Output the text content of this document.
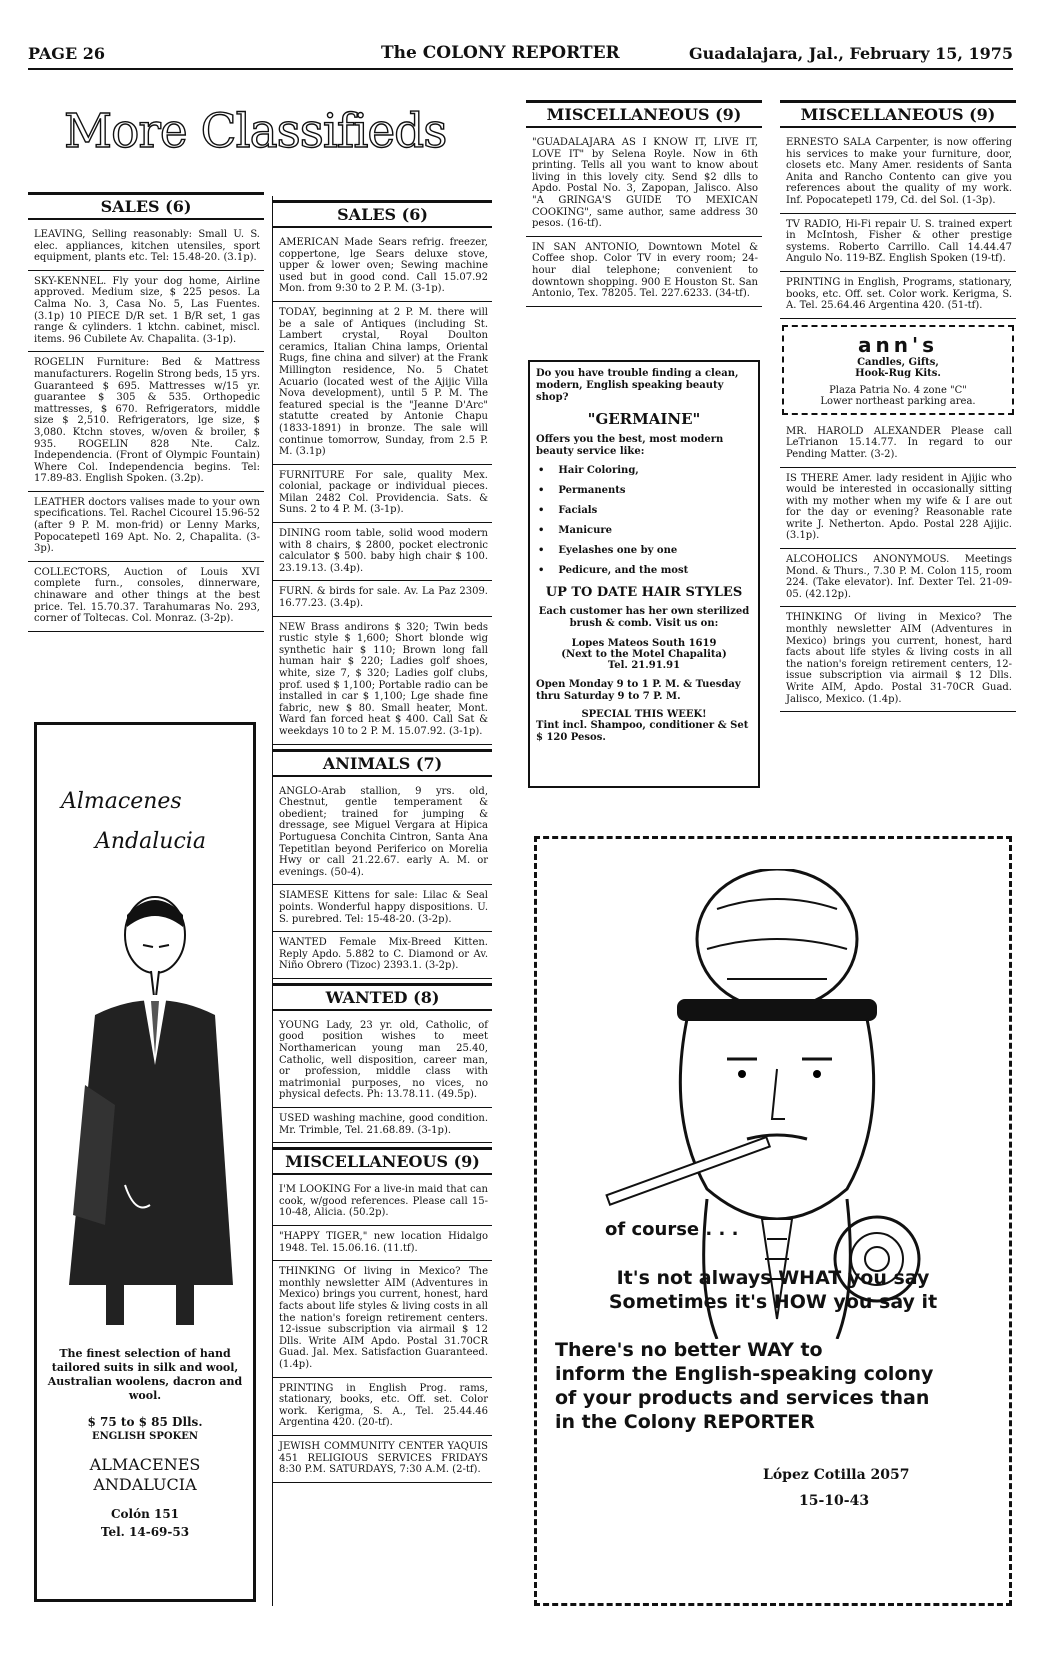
PAGE 26	The COLONY REPORTER	Guadalajara, Jal., February 15, 1975
More Classifieds
SALES (6)
LEAVING, Selling reasonably: Small U. S. elec. appliances, kitchen utensiles, sport equipment, plants etc. Tel: 15.48-20. (3.1p).
SKY-KENNEL. Fly your dog home, Airline approved. Medium size, $ 225 pesos. La Calma No. 3, Casa No. 5, Las Fuentes. (3.1p) 10 PIECE D/R set. 1 B/R set, 1 gas range & cylinders. 1 ktchn. cabinet, miscl. items. 96 Cubilete Av. Chapalita. (3-1p).
ROGELIN Furniture: Bed & Mattress manufacturers. Rogelin Strong beds, 15 yrs. Guaranteed $ 695. Mattresses w/15 yr. guarantee $ 305 & 535. Orthopedic mattresses, $ 670. Refrigerators, middle size $ 2,510. Refrigerators, lge size, $ 3,080. Ktchn stoves, w/oven & broiler, $ 935. ROGELIN 828 Nte. Calz. Independencia. (Front of Olympic Fountain) Where Col. Independencia begins. Tel: 17.89-83. English Spoken. (3.2p).
LEATHER doctors valises made to your own specifications. Tel. Rachel Cicourel 15.96-52 (after 9 P. M. mon-frid) or Lenny Marks, Popocatepetl 169 Apt. No. 2, Chapalita. (3-3p).
COLLECTORS, Auction of Louis XVI complete furn., consoles, dinnerware, chinaware and other things at the best price. Tel. 15.70.37. Tarahumaras No. 293, corner of Toltecas. Col. Monraz. (3-2p).
Almacenes
Andalucia
The finest selection of hand tailored suits in silk and wool, Australian woolens, dacron and wool.
$ 75 to $ 85 Dlls.
ENGLISH SPOKEN
ALMACENES
ANDALUCIA
Colón 151
Tel. 14-69-53
SALES (6)
AMERICAN Made Sears refrig. freezer, coppertone, lge Sears deluxe stove, upper & lower oven; Sewing machine used but in good cond. Call 15.07.92 Mon. from 9:30 to 2 P. M. (3-1p).
TODAY, beginning at 2 P. M. there will be a sale of Antiques (including St. Lambert crystal, Royal Doulton ceramics, Italian China lamps, Oriental Rugs, fine china and silver) at the Frank Millington residence, No. 5 Chatet Acuario (located west of the Ajijic Villa Nova development), until 5 P. M. The featured special is the "Jeanne D'Arc" statutte created by Antonie Chapu (1833-1891) in bronze. The sale will continue tomorrow, Sunday, from 2.5 P. M. (3.1p)
FURNITURE For sale, quality Mex. colonial, package or individual pieces. Milan 2482 Col. Providencia. Sats. & Suns. 2 to 4 P. M. (3-1p).
DINING room table, solid wood modern with 8 chairs, $ 2800, pocket electronic calculator $ 500. baby high chair $ 100. 23.19.13. (3.4p).
FURN. & birds for sale. Av. La Paz 2309. 16.77.23. (3.4p).
NEW Brass andirons $ 320; Twin beds rustic style $ 1,600; Short blonde wig synthetic hair $ 110; Brown long fall human hair $ 220; Ladies golf shoes, white, size 7, $ 320; Ladies golf clubs, prof. used $ 1,100; Portable radio can be installed in car $ 1,100; Lge shade fine fabric, new $ 80. Small heater, Mont. Ward fan forced heat $ 400. Call Sat & weekdays 10 to 2 P. M. 15.07.92. (3-1p).
ANIMALS (7)
ANGLO-Arab stallion, 9 yrs. old, Chestnut, gentle temperament & obedient; trained for jumping & dressage, see Miguel Vergara at Hipica Portuguesa Conchita Cintron, Santa Ana Tepetitlan beyond Periferico on Morelia Hwy or call 21.22.67. early A. M. or evenings. (50-4).
SIAMESE Kittens for sale: Lilac & Seal points. Wonderful happy dispositions. U. S. purebred. Tel: 15-48-20. (3-2p).
WANTED Female Mix-Breed Kitten. Reply Apdo. 5.882 to C. Diamond or Av. Niño Obrero (Tizoc) 2393.1. (3-2p).
WANTED (8)
YOUNG Lady, 23 yr. old, Catholic, of good position wishes to meet Northamerican young man 25.40, Catholic, well disposition, career man, or profession, middle class with matrimonial purposes, no vices, no physical defects. Ph: 13.78.11. (49.5p).
USED washing machine, good condition. Mr. Trimble, Tel. 21.68.89. (3-1p).
MISCELLANEOUS (9)
I'M LOOKING For a live-in maid that can cook, w/good references. Please call 15-10-48, Alicia. (50.2p).
"HAPPY TIGER," new location Hidalgo 1948. Tel. 15.06.16. (11.tf).
THINKING Of living in Mexico? The monthly newsletter AIM (Adventures in Mexico) brings you current, honest, hard facts about life styles & living costs in all the nation's foreign retirement centers. 12-issue subscription via airmail $ 12 Dlls. Write AIM Apdo. Postal 31.70CR Guad. Jal. Mex. Satisfaction Guaranteed. (1.4p).
PRINTING in English Prog. rams, stationary, books, etc. Off. set. Color work. Kerigma, S. A., Tel. 25.44.46 Argentina 420. (20-tf).
JEWISH COMMUNITY CENTER YAQUIS 451 RELIGIOUS SERVICES FRIDAYS 8:30 P.M. SATURDAYS, 7:30 A.M. (2-tf).
MISCELLANEOUS (9)
"GUADALAJARA AS I KNOW IT, LIVE IT, LOVE IT" by Selena Royle. Now in 6th printing. Tells all you want to know about living in this lovely city. Send $2 dlls to Apdo. Postal No. 3, Zapopan, Jalisco. Also "A GRINGA'S GUIDE TO MEXICAN COOKING", same author, same address 30 pesos. (16-tf).
IN SAN ANTONIO, Downtown Motel & Coffee shop. Color TV in every room; 24-hour dial telephone; convenient to downtown shopping. 900 E Houston St. San Antonio, Tex. 78205. Tel. 227.6233. (34-tf).
Do you have trouble finding a clean, modern, English speaking beauty shop?
"GERMAINE"
Offers you the best, most modern beauty service like:
• Hair Coloring,
• Permanents
• Facials
• Manicure
• Eyelashes one by one
• Pedicure, and the most
UP TO DATE HAIR STYLES
Each customer has her own sterilized brush & comb. Visit us on:
Lopes Mateos South 1619
(Next to the Motel Chapalita)
Tel. 21.91.91
Open Monday 9 to 1 P. M. & Tuesday thru Saturday 9 to 7 P. M.
SPECIAL THIS WEEK!
Tint incl. Shampoo, conditioner & Set $ 120 Pesos.
MISCELLANEOUS (9)
ERNESTO SALA Carpenter, is now offering his services to make your furniture, door, closets etc. Many Amer. residents of Santa Anita and Rancho Contento can give you references about the quality of my work. Inf. Popocatepetl 179, Cd. del Sol. (1-3p).
TV RADIO, Hi-Fi repair U. S. trained expert in McIntosh, Fisher & other prestige systems. Roberto Carrillo. Call 14.44.47 Angulo No. 119-BZ. English Spoken (19-tf).
PRINTING in English, Programs, stationary, books, etc. Off. set. Color work. Kerigma, S. A. Tel. 25.64.46 Argentina 420. (51-tf).
ann's
Candles, Gifts,
Hook-Rug Kits.
Plaza Patria No. 4 zone "C"
Lower northeast parking area.
MR. HAROLD ALEXANDER Please call LeTrianon 15.14.77. In regard to our Pending Matter. (3-2).
IS THERE Amer. lady resident in Ajijic who would be interested in occasionally sitting with my mother when my wife & I are out for the day or evening? Reasonable rate write J. Netherton. Apdo. Postal 228 Ajijic. (3.1p).
ALCOHOLICS ANONYMOUS. Meetings Mond. & Thurs., 7.30 P. M. Colon 115, room 224. (Take elevator). Inf. Dexter Tel. 21-09-05. (42.12p).
THINKING Of living in Mexico? The monthly newsletter AIM (Adventures in Mexico) brings you current, honest, hard facts about life styles & living costs in all the nation's foreign retirement centers, 12-issue subscription via airmail $ 12 Dlls. Write AIM, Apdo. Postal 31-70CR Guad. Jalisco, Mexico. (1.4p).
of course . . .
It's not always WHAT you say
Sometimes it's HOW you say it
There's no better WAY to
inform the English-speaking colony
of your products and services than
in the Colony REPORTER
López Cotilla 2057
15-10-43
